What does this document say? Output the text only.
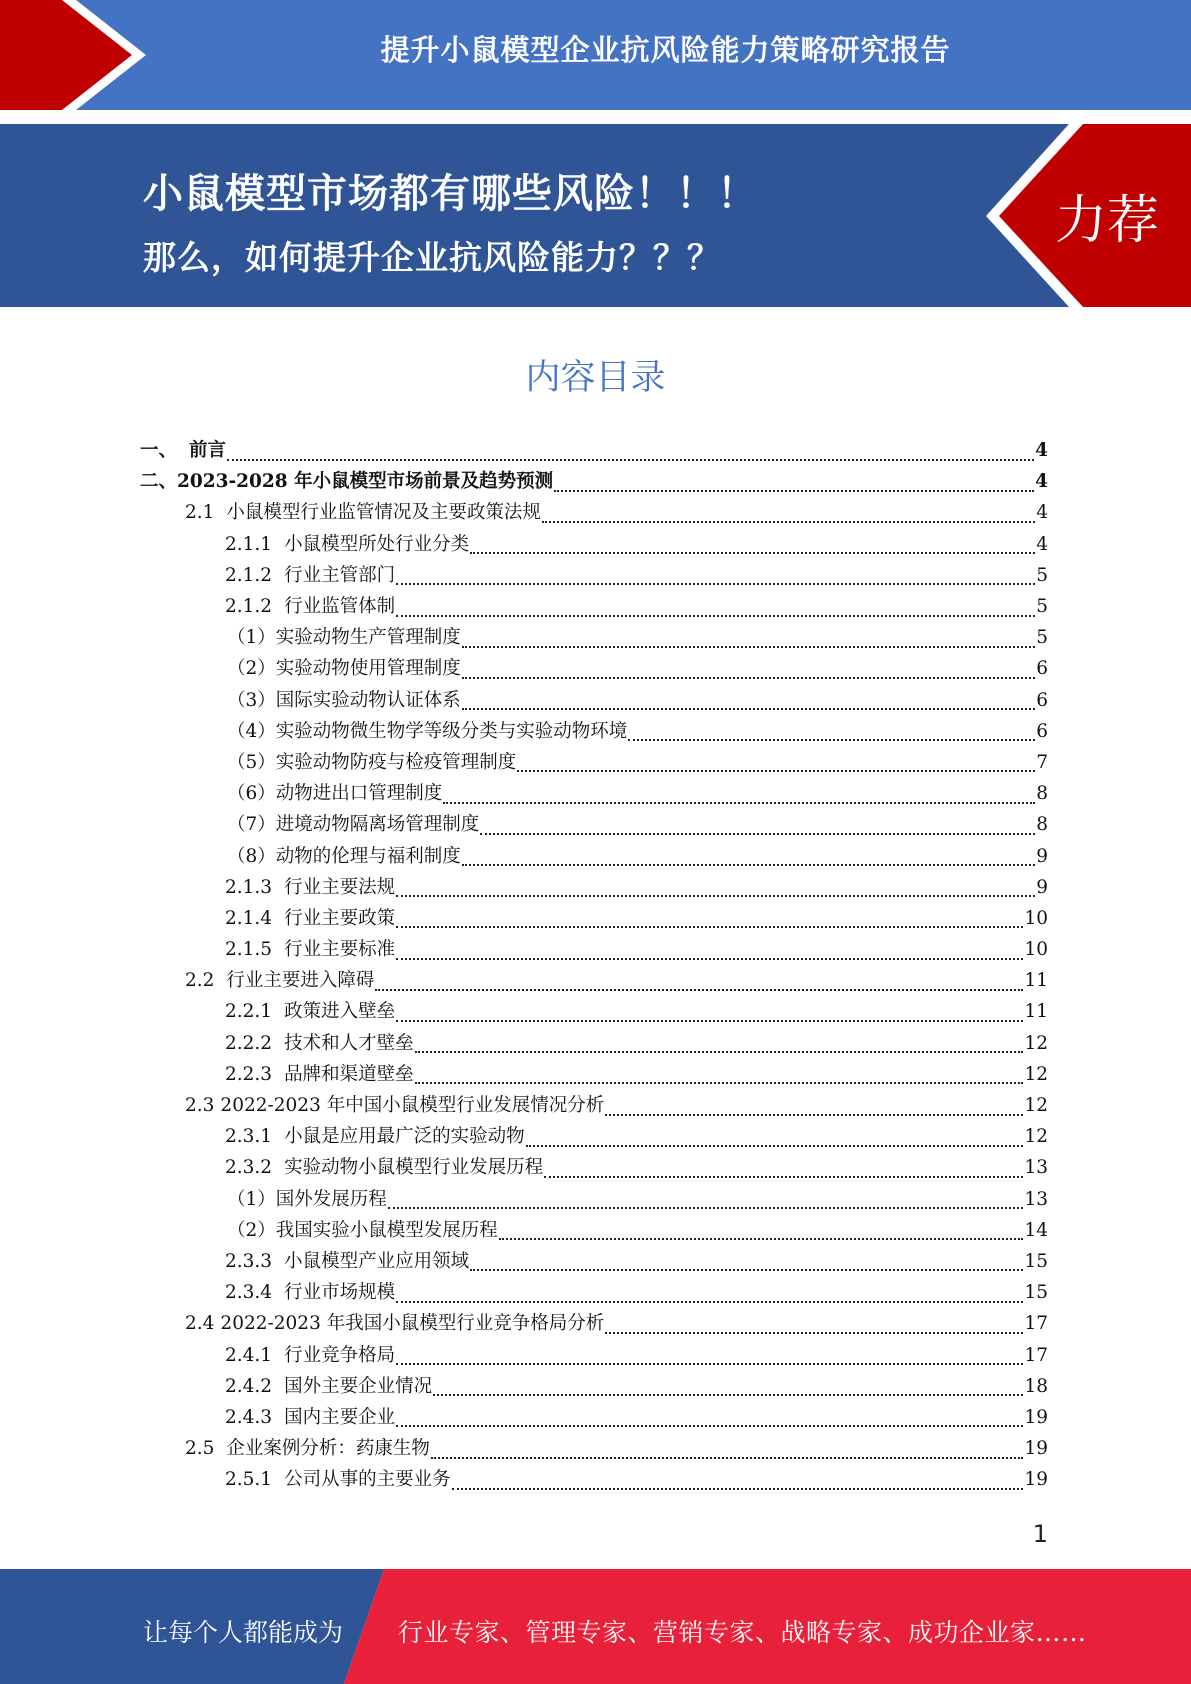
提升小鼠模型企业抗风险能力策略研究报告
小鼠模型市场都有哪些风险！！！
那么，如何提升企业抗风险能力？？？
力荐
内容目录
一、 前言	4
二、 2023-2028 年小鼠模型市场前景及趋势预测	4
2.1 小鼠模型行业监管情况及主要政策法规	4
2.1.1 小鼠模型所处行业分类	4
2.1.2 行业主管部门	5
2.1.2 行业监管体制	5
（1） 实验动物生产管理制度	5
（2） 实验动物使用管理制度	6
（3） 国际实验动物认证体系	6
（4） 实验动物微生物学等级分类与实验动物环境	6
（5） 实验动物防疫与检疫管理制度	7
（6） 动物进出口管理制度	8
（7） 进境动物隔离场管理制度	8
（8） 动物的伦理与福利制度	9
2.1.3 行业主要法规	9
2.1.4 行业主要政策	10
2.1.5 行业主要标准	10
2.2 行业主要进入障碍	11
2.2.1 政策进入壁垒	11
2.2.2 技术和人才壁垒	12
2.2.3 品牌和渠道壁垒	12
2.3 2022-2023 年中国小鼠模型行业发展情况分析	12
2.3.1 小鼠是应用最广泛的实验动物	12
2.3.2 实验动物小鼠模型行业发展历程	13
（1） 国外发展历程	13
（2） 我国实验小鼠模型发展历程	14
2.3.3 小鼠模型产业应用领域	15
2.3.4 行业市场规模	15
2.4 2022-2023 年我国小鼠模型行业竞争格局分析	17
2.4.1 行业竞争格局	17
2.4.2 国外主要企业情况	18
2.4.3 国内主要企业	19
2.5 企业案例分析：药康生物	19
2.5.1 公司从事的主要业务	19
1
让每个人都能成为 行业专家、管理专家、营销专家、战略专家、成功企业家……
